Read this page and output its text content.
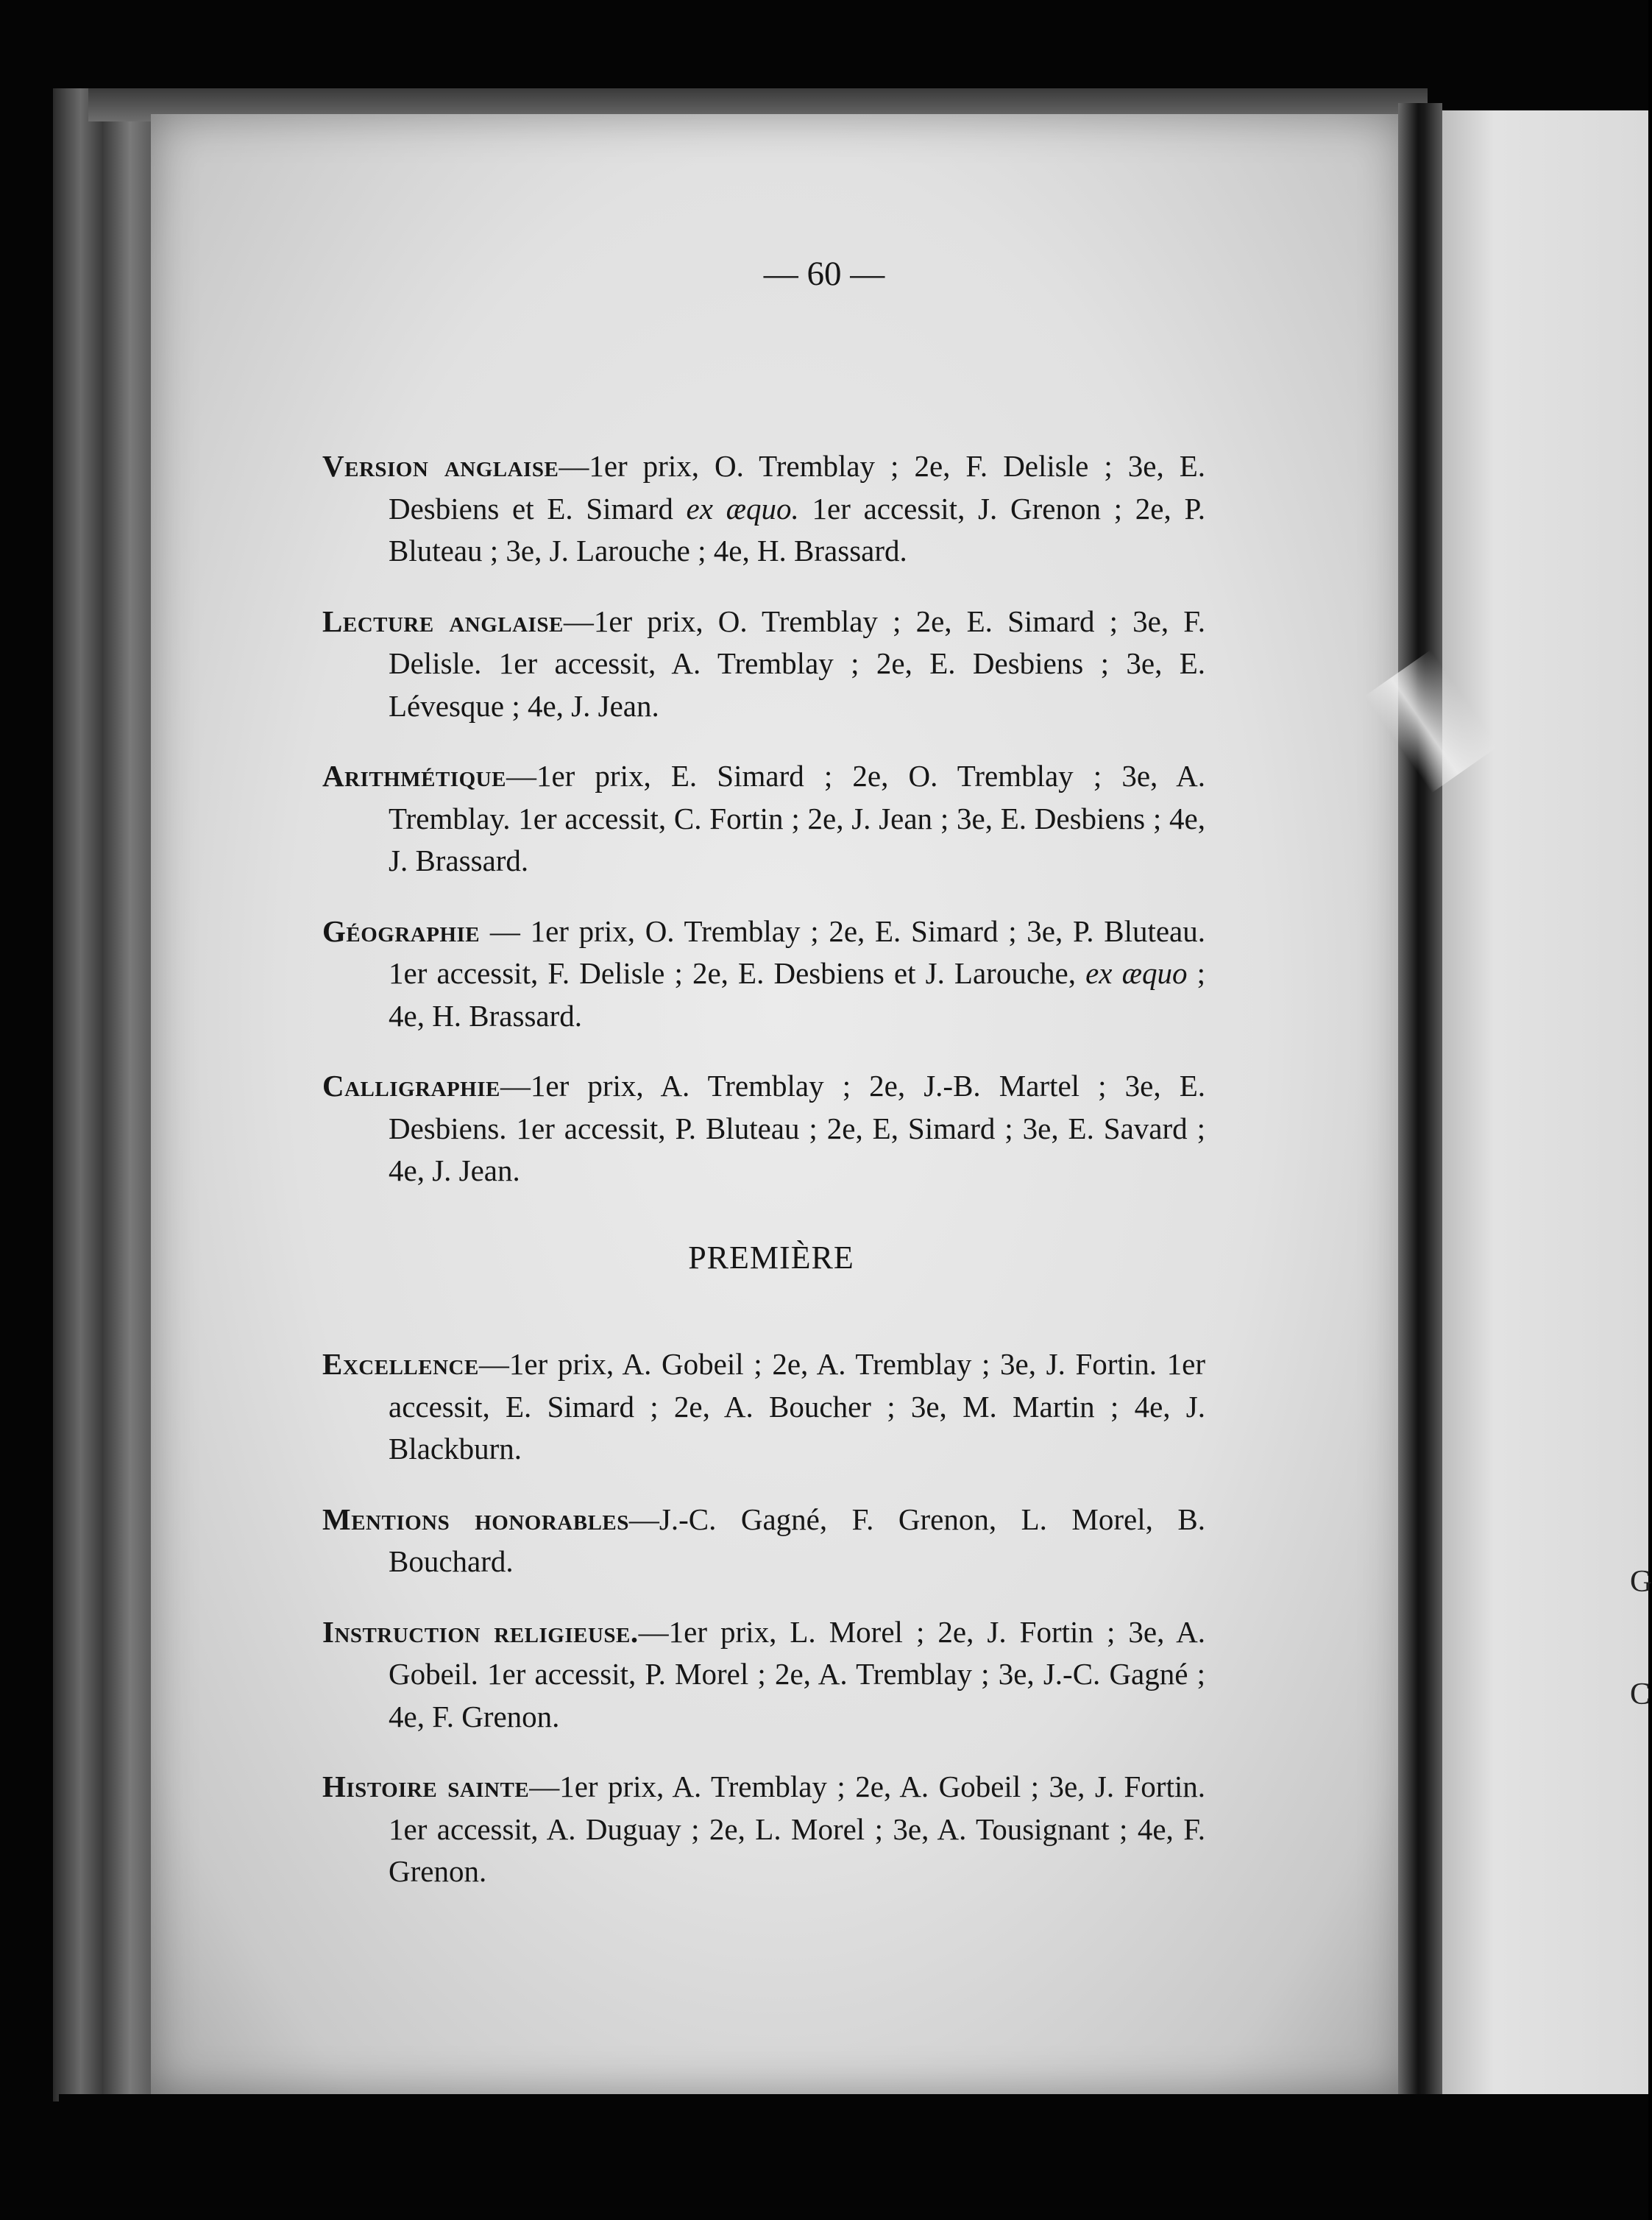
G
C
— 60 —

Version anglaise—1er prix, O. Tremblay ; 2e, F. Delisle ; 3e, E. Desbiens et E. Simard ex æquo. 1er accessit, J. Grenon ; 2e, P. Bluteau ; 3e, J. Larouche ; 4e, H. Brassard.

Lecture anglaise—1er prix, O. Tremblay ; 2e, E. Simard ; 3e, F. Delisle. 1er accessit, A. Tremblay ; 2e, E. Desbiens ; 3e, E. Lévesque ; 4e, J. Jean.

Arithmétique—1er prix, E. Simard ; 2e, O. Tremblay ; 3e, A. Tremblay. 1er accessit, C. Fortin ; 2e, J. Jean ; 3e, E. Desbiens ; 4e, J. Brassard.

Géographie — 1er prix, O. Tremblay ; 2e, E. Simard ; 3e, P. Bluteau. 1er accessit, F. Delisle ; 2e, E. Desbiens et J. Larouche, ex æquo ; 4e, H. Brassard.

Calligraphie—1er prix, A. Tremblay ; 2e, J.-B. Martel ; 3e, E. Desbiens. 1er accessit, P. Bluteau ; 2e, E, Simard ; 3e, E. Savard ; 4e, J. Jean.

PREMIÈRE

Excellence—1er prix, A. Gobeil ; 2e, A. Tremblay ; 3e, J. Fortin. 1er accessit, E. Simard ; 2e, A. Boucher ; 3e, M. Martin ; 4e, J. Blackburn.

Mentions honorables—J.-C. Gagné, F. Grenon, L. Morel, B. Bouchard.

Instruction religieuse.—1er prix, L. Morel ; 2e, J. Fortin ; 3e, A. Gobeil. 1er accessit, P. Morel ; 2e, A. Tremblay ; 3e, J.-C. Gagné ; 4e, F. Grenon.

Histoire sainte—1er prix, A. Tremblay ; 2e, A. Gobeil ; 3e, J. Fortin. 1er accessit, A. Duguay ; 2e, L. Morel ; 3e, A. Tousignant ; 4e, F. Grenon.
